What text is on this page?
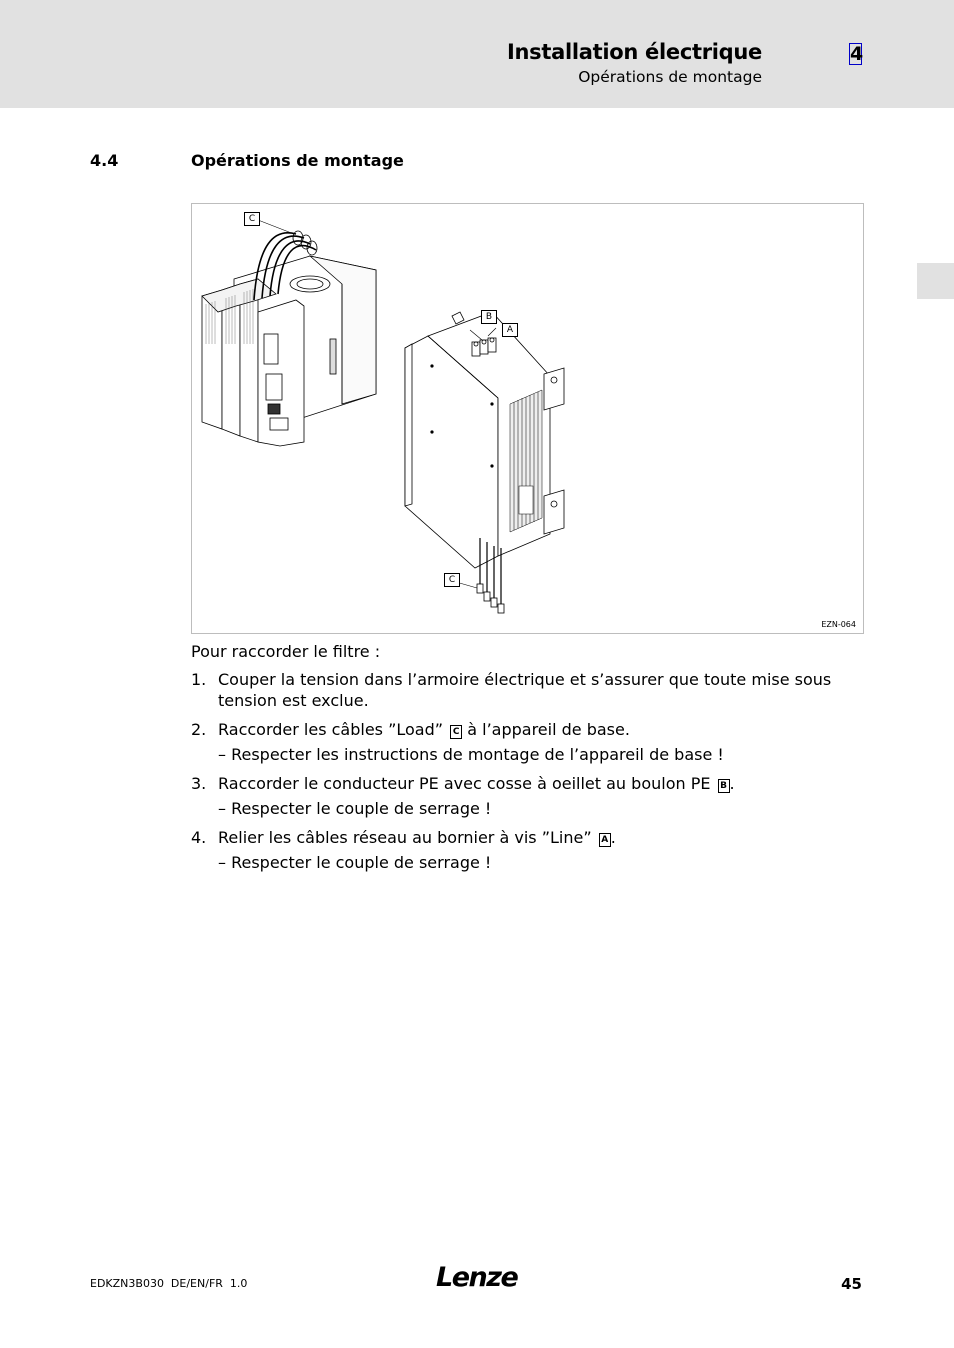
Installation électrique
Opérations de montage
4
4.4	Opérations de montage
C
B
A
C
EZN-064
Pour raccorder le filtre :
1. Couper la tension dans l’armoire électrique et s’assurer que toute mise sous tension est exclue.
2. Raccorder les câbles ”Load” C à l’appareil de base.
– Respecter les instructions de montage de l’appareil de base !
3. Raccorder le conducteur PE avec cosse à oeillet au boulon PE B .
– Respecter le couple de serrage !
4. Relier les câbles réseau au bornier à vis ”Line” A .
– Respecter le couple de serrage !
EDKZN3B030  DE/EN/FR  1.0	Lenze	45
